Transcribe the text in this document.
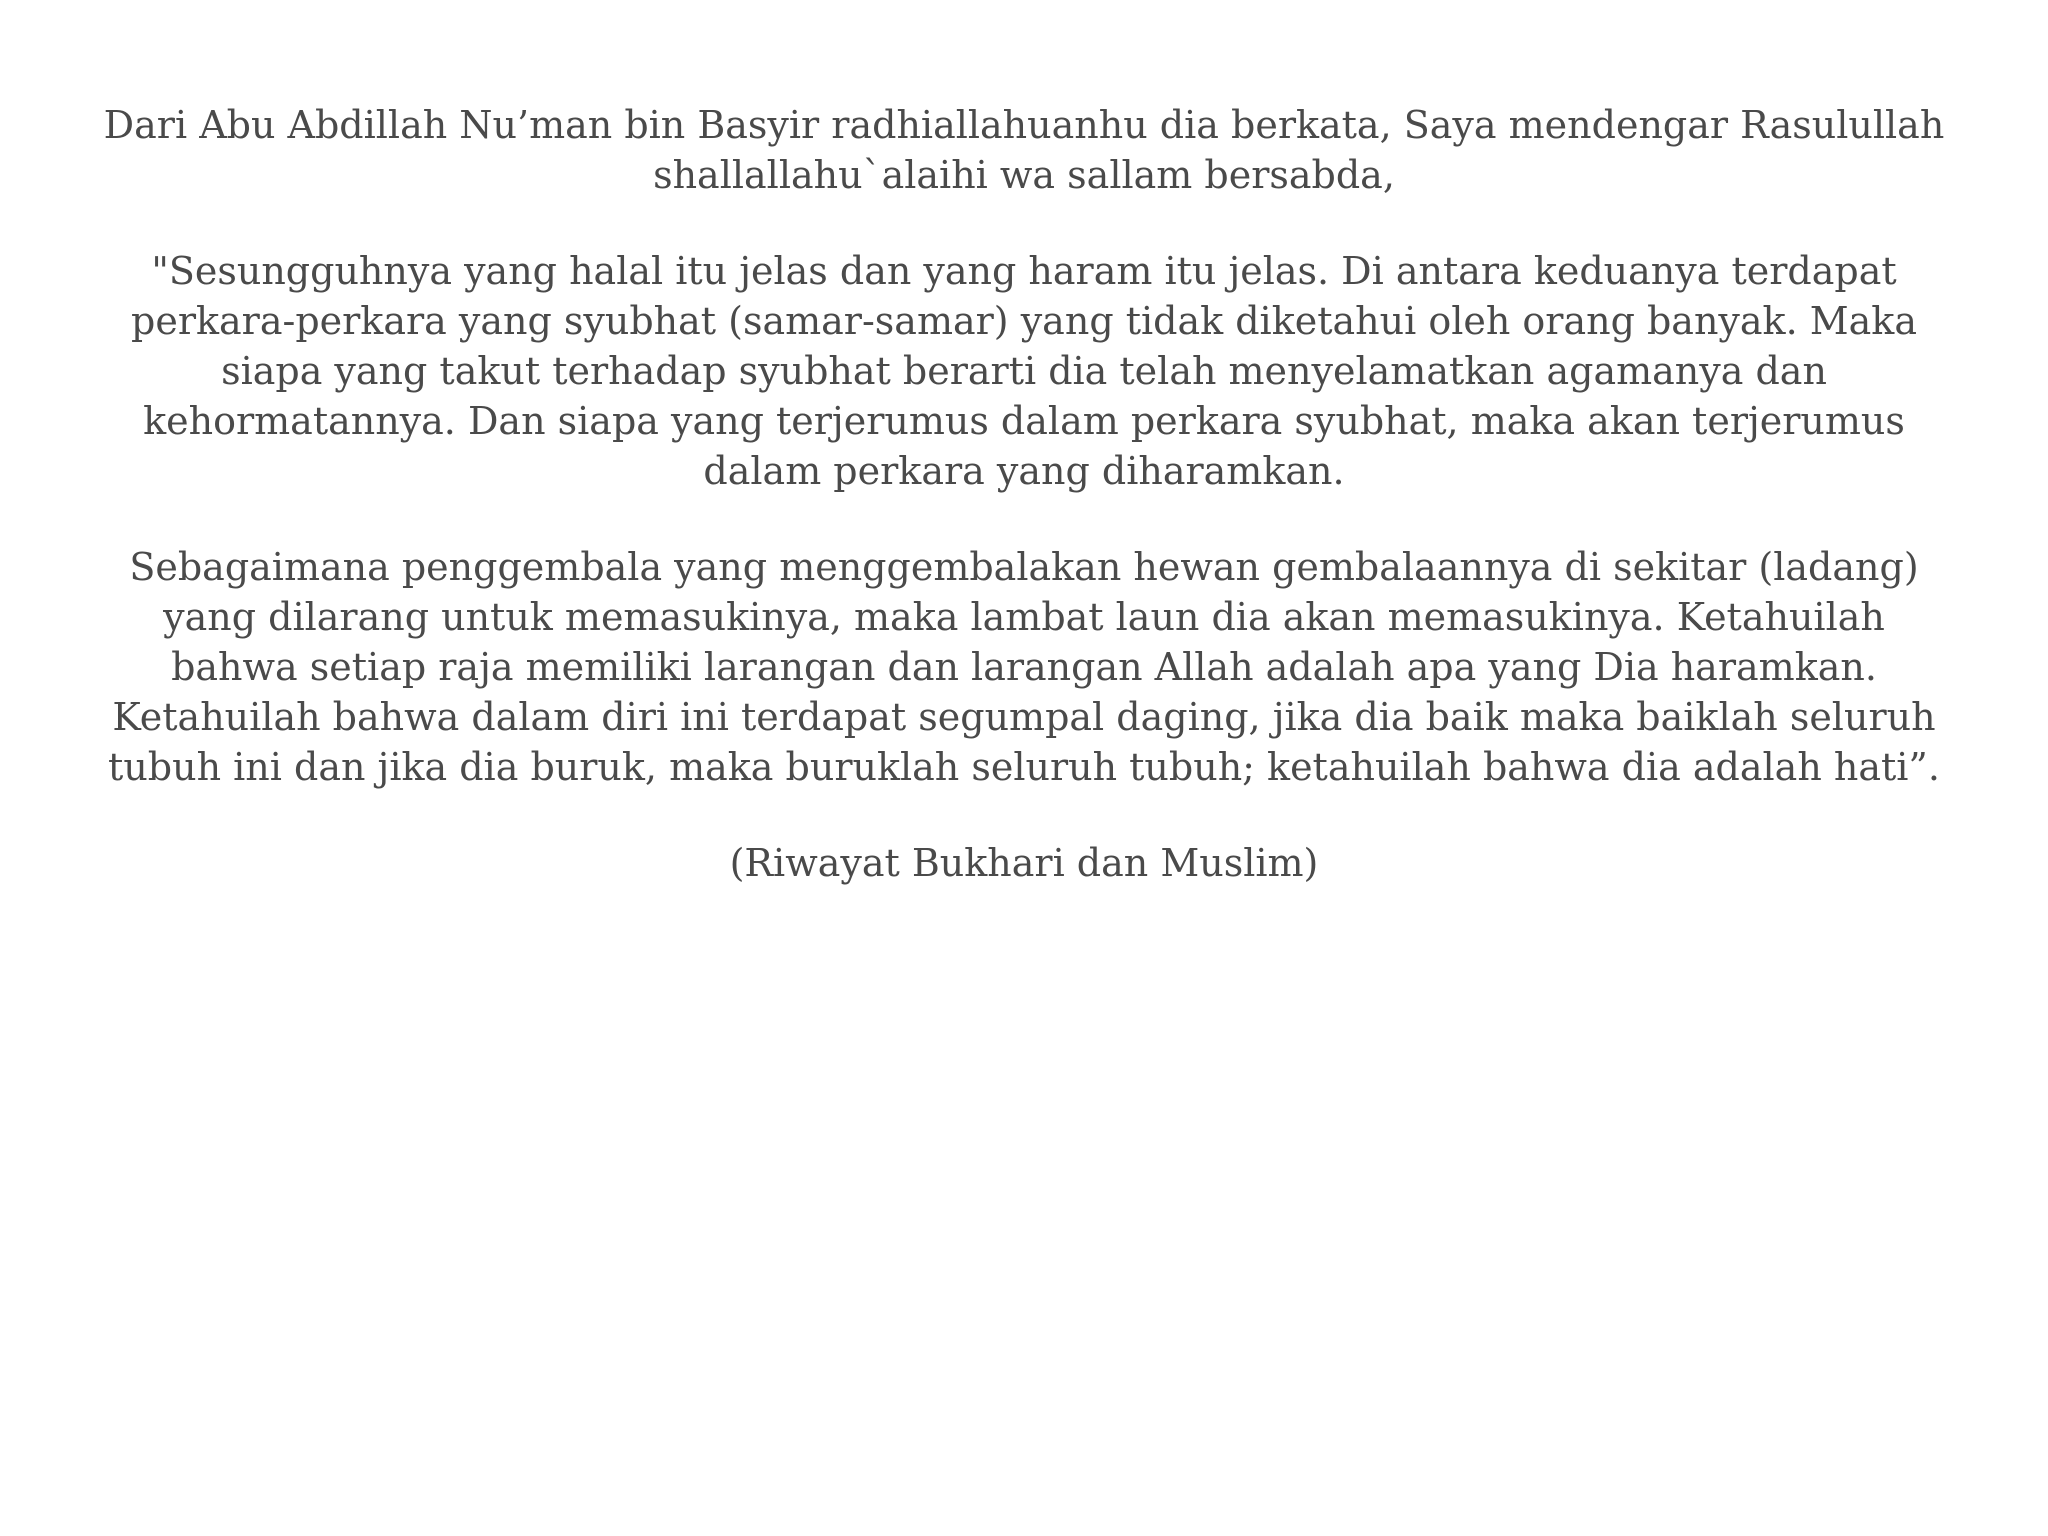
Dari Abu Abdillah Nu’man bin Basyir radhiallahuanhu dia berkata, Saya mendengar Rasulullah
shallallahu`alaihi wa sallam bersabda,

"Sesungguhnya yang halal itu jelas dan yang haram itu jelas. Di antara keduanya terdapat
perkara-perkara yang syubhat (samar-samar) yang tidak diketahui oleh orang banyak. Maka
siapa yang takut terhadap syubhat berarti dia telah menyelamatkan agamanya dan
kehormatannya. Dan siapa yang terjerumus dalam perkara syubhat, maka akan terjerumus
dalam perkara yang diharamkan.

Sebagaimana penggembala yang menggembalakan hewan gembalaannya di sekitar (ladang)
yang dilarang untuk memasukinya, maka lambat laun dia akan memasukinya. Ketahuilah
bahwa setiap raja memiliki larangan dan larangan Allah adalah apa yang Dia haramkan.
Ketahuilah bahwa dalam diri ini terdapat segumpal daging, jika dia baik maka baiklah seluruh
tubuh ini dan jika dia buruk, maka buruklah seluruh tubuh; ketahuilah bahwa dia adalah hati”.

(Riwayat Bukhari dan Muslim)
